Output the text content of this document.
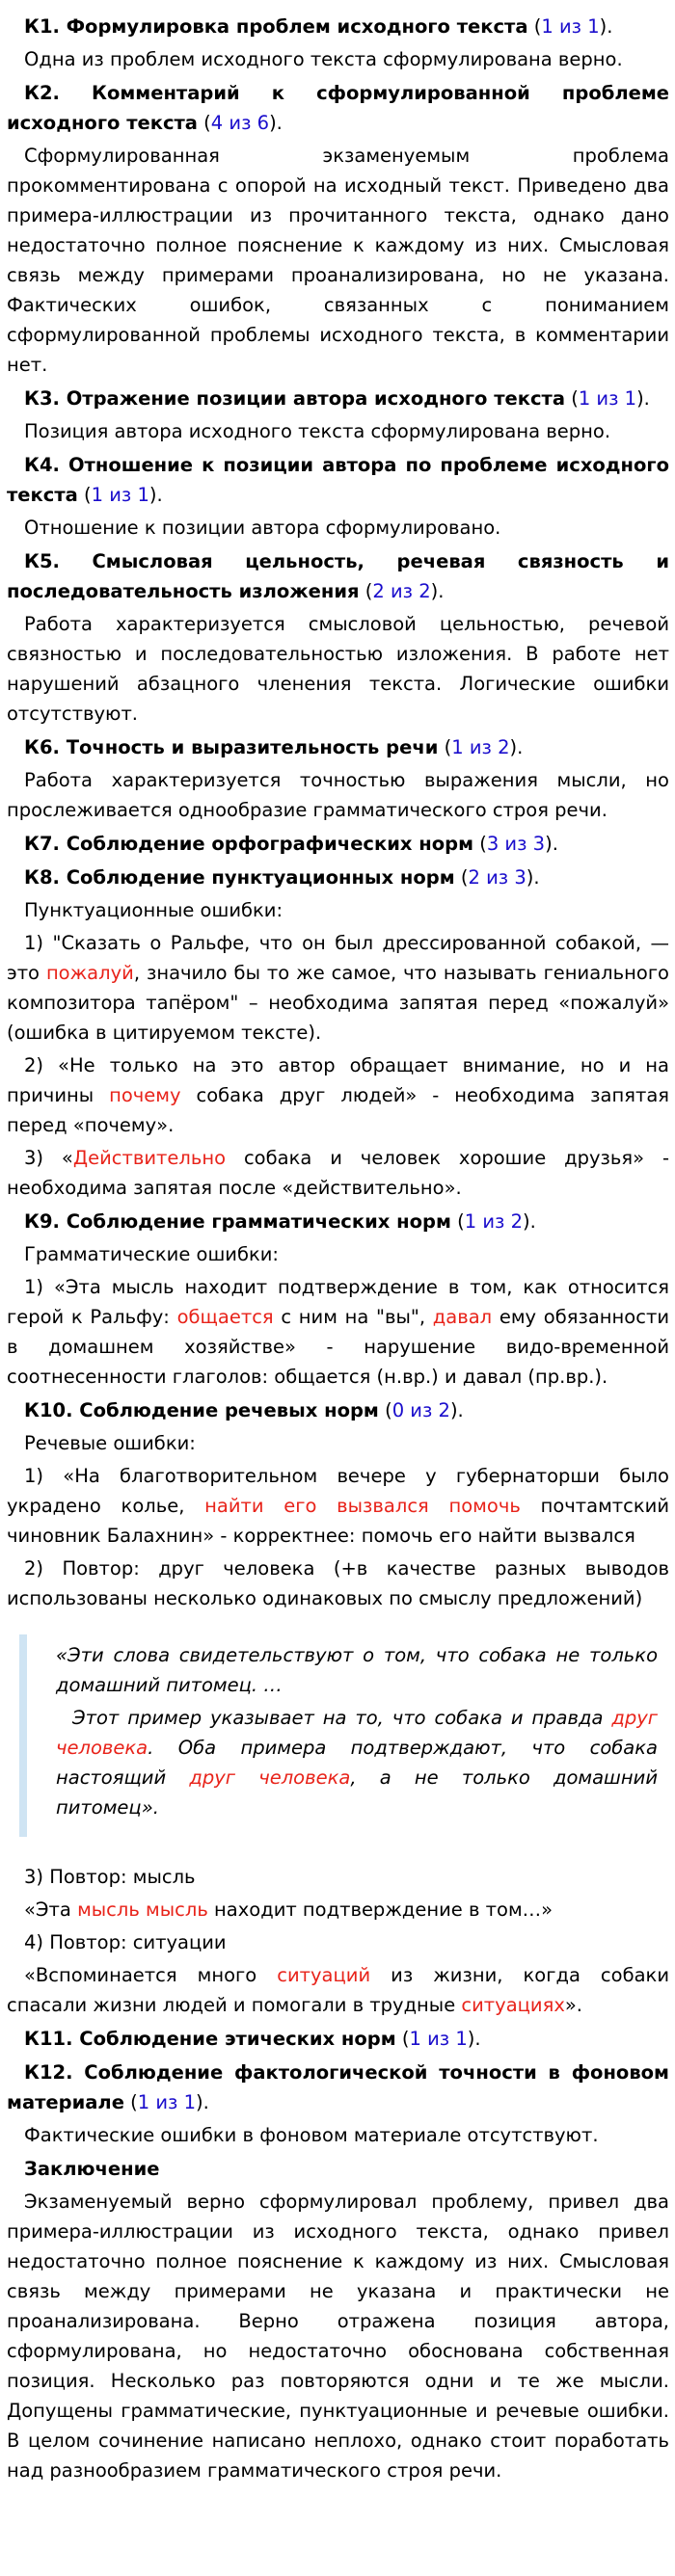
К1. Формулировка проблем исходного текста (1 из 1).

Одна из проблем исходного текста сформулирована верно.

К2. Комментарий к сформулированной проблеме исходного текста (4 из 6).

Сформулированная экзаменуемым проблема прокомментирована с опорой на исходный текст. Приведено два примера-иллюстрации из прочитанного текста, однако дано недостаточно полное пояснение к каждому из них. Смысловая связь между примерами проанализирована, но не указана. Фактических ошибок, связанных с пониманием сформулированной проблемы исходного текста, в комментарии нет.

К3. Отражение позиции автора исходного текста (1 из 1).

Позиция автора исходного текста сформулирована верно.

К4. Отношение к позиции автора по проблеме исходного текста (1 из 1).

Отношение к позиции автора сформулировано.

К5. Смысловая цельность, речевая связность и последовательность изложения (2 из 2).

Работа характеризуется смысловой цельностью, речевой связностью и последовательностью изложения. В работе нет нарушений абзацного членения текста. Логические ошибки отсутствуют.

К6. Точность и выразительность речи (1 из 2).

Работа характеризуется точностью выражения мысли, но прослеживается однообразие грамматического строя речи.

К7. Соблюдение орфографических норм (3 из 3).

К8. Соблюдение пунктуационных норм (2 из 3).

Пунктуационные ошибки:

1) "Сказать о Ральфе, что он был дрессированной собакой, — это пожалуй, значило бы то же самое, что называть гениального композитора тапёром" – необходима запятая перед «пожалуй» (ошибка в цитируемом тексте).

2) «Не только на это автор обращает внимание, но и на причины почему собака друг людей» - необходима запятая перед «почему».

3) «Действительно собака и человек хорошие друзья» - необходима запятая после «действительно».

К9. Соблюдение грамматических норм (1 из 2).

Грамматические ошибки:

1) «Эта мысль находит подтверждение в том, как относится герой к Ральфу: общается с ним на "вы", давал ему обязанности в домашнем хозяйстве» - нарушение видо-временной соотнесенности глаголов: общается (н.вр.) и давал (пр.вр.).

К10. Соблюдение речевых норм (0 из 2).

Речевые ошибки:

1) «На благотворительном вечере у губернаторши было украдено колье, найти его вызвался помочь почтамтский чиновник Балахнин» - корректнее: помочь его найти вызвался

2) Повтор: друг человека (+в качестве разных выводов использованы несколько одинаковых по смыслу предложений)

«Эти слова свидетельствуют о том, что собака не только домашний питомец. …

Этот пример указывает на то, что собака и правда друг человека. Оба примера подтверждают, что собака настоящий друг человека, а не только домашний питомец».

3) Повтор: мысль

«Эта мысль мысль находит подтверждение в том…»

4) Повтор: ситуации

«Вспоминается много ситуаций из жизни, когда собаки спасали жизни людей и помогали в трудные ситуациях».

К11. Соблюдение этических норм (1 из 1).

К12. Соблюдение фактологической точности в фоновом материале (1 из 1).

Фактические ошибки в фоновом материале отсутствуют.

Заключение

Экзаменуемый верно сформулировал проблему, привел два примера-иллюстрации из исходного текста, однако привел недостаточно полное пояснение к каждому из них. Смысловая связь между примерами не указана и практически не проанализирована. Верно отражена позиция автора, сформулирована, но недостаточно обоснована собственная позиция. Несколько раз повторяются одни и те же мысли. Допущены грамматические, пунктуационные и речевые ошибки. В целом сочинение написано неплохо, однако стоит поработать над разнообразием грамматического строя речи.
